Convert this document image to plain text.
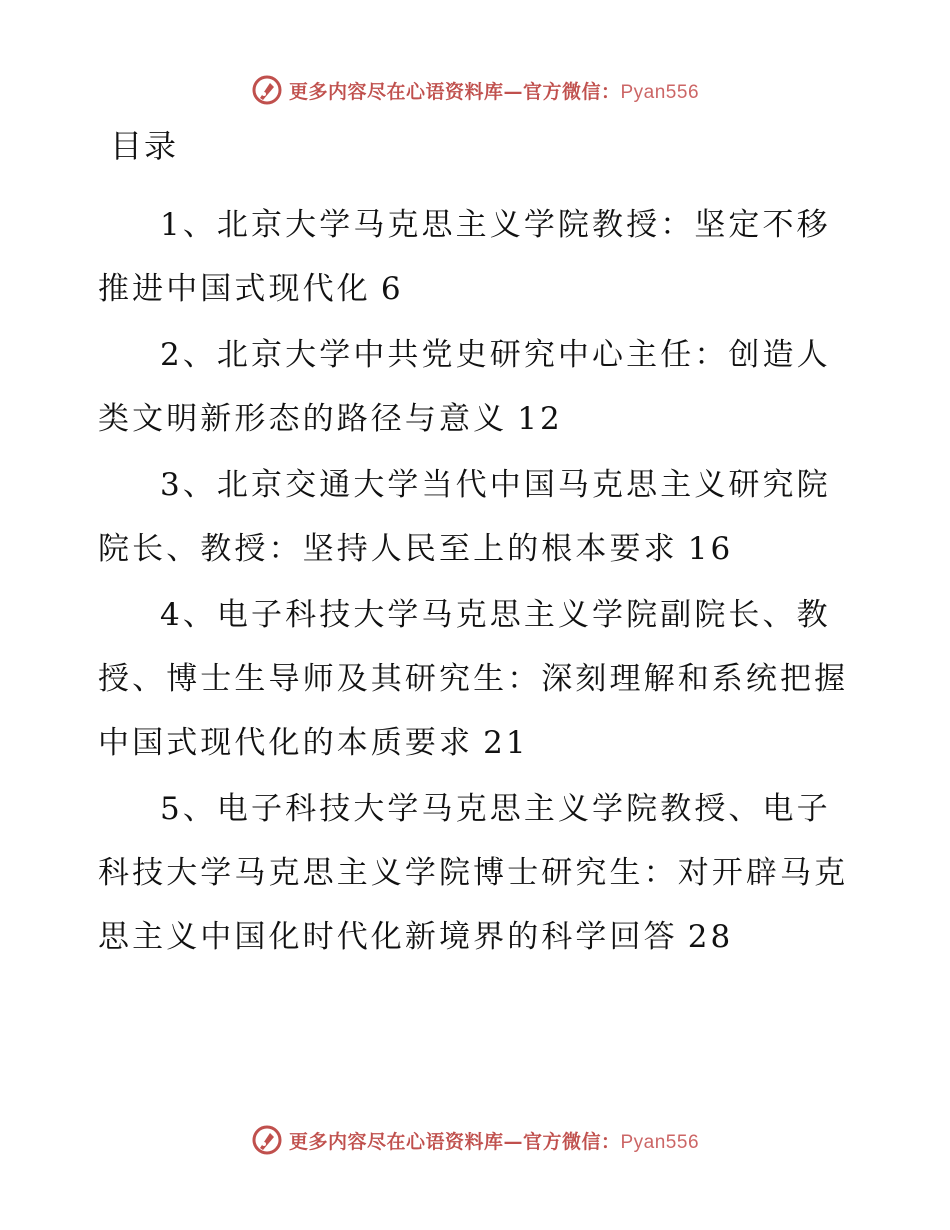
更多内容尽在心语资料库—官方微信：Pyan556
目录
1、北京大学马克思主义学院教授：坚定不移推进中国式现代化 6
2、北京大学中共党史研究中心主任：创造人类文明新形态的路径与意义 12
3、北京交通大学当代中国马克思主义研究院院长、教授：坚持人民至上的根本要求 16
4、电子科技大学马克思主义学院副院长、教授、博士生导师及其研究生：深刻理解和系统把握中国式现代化的本质要求 21
5、电子科技大学马克思主义学院教授、电子科技大学马克思主义学院博士研究生：对开辟马克思主义中国化时代化新境界的科学回答 28
更多内容尽在心语资料库—官方微信：Pyan556
